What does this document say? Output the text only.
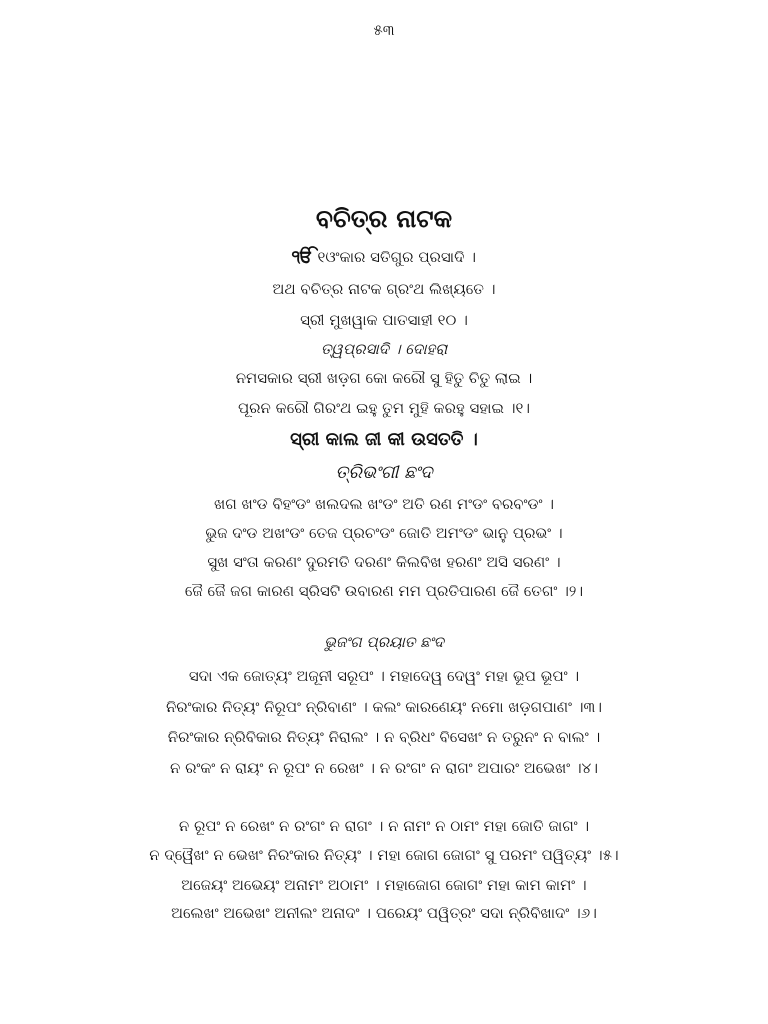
୫୩
ବଚିତ୍ର ନାଟକ
ੴ ୧ଓଂକାର ସତିଗୁର ପ୍ରସାଦି ।
ଅଥ ବଚିତ୍ର ନାଟକ ଗ୍ରଂଥ ଲିଖ୍ୟତେ ।
ସ୍ରୀ ମୁଖୱାକ ପାତସାହୀ ୧୦ ।
ତ୍ୱପ୍ରସାଦି । ଦୋହରା
ନମସକାର ସ୍ରୀ ଖଡ଼ଗ କୋ କରୌ ସୁ ହିତୁ ଚିତୁ ଲାଇ ।
ପୂରନ କରୌ ଗିରଂଥ ଇହୁ ତୁମ ମୁହି କରହୁ ସହାଇ ।୧।
ସ୍ରୀ କାଲ ଜୀ କୀ ଉସତତି ।
ତ୍ରିଭଂଗୀ ଛଂଦ
ଖଗ ଖଂଡ ବିହଂଡଂ ଖଲଦଲ ଖଂଡଂ ଅତି ରଣ ମଂଡଂ ବରବଂଡଂ ।
ଭୁଜ ଦଂଡ ଅଖଂଡଂ ତେଜ ପ୍ରଚଂଡଂ ଜୋତି ଅମଂଡଂ ଭାନୁ ପ୍ରଭଂ ।
ସୁଖ ସଂତା କରଣଂ ଦୁରମତି ଦରଣଂ କିଲବିଖ ହରଣଂ ଅସି ସରଣଂ ।
ଜୈ ଜୈ ଜଗ କାରଣ ସ୍ରିସଟି ଉବାରଣ ମମ ପ୍ରତିପାରଣ ଜୈ ତେଗଂ ।୨।
ଭୁଜଂଗ ପ୍ରୟାତ ଛଂଦ
ସଦା ଏକ ଜୋତ୍ୟଂ ଅଜୂନୀ ସରୂପଂ । ମହାଦେୱ ଦେୱଂ ମହା ଭୂପ ଭୂପଂ ।
ନିରଂକାର ନିତ୍ୟଂ ନିରୂପଂ ନ୍ରିବାଣଂ । କଲଂ କାରଣେୟଂ ନମୋ ଖଡ଼ଗପାଣଂ ।୩।
ନିରଂକାର ନ୍ରିବିକାର ନିତ୍ୟଂ ନିରାଲଂ । ନ ବ୍ରିଧଂ ବିସେଖଂ ନ ତରୁନଂ ନ ବାଲଂ ।
ନ ରଂକଂ ନ ରାୟଂ ନ ରୂପଂ ନ ରେଖଂ । ନ ରଂଗଂ ନ ରାଗଂ ଅପାରଂ ଅଭେଖଂ ।୪।
ନ ରୂପଂ ନ ରେଖଂ ନ ରଂଗଂ ନ ରାଗଂ । ନ ନାମଂ ନ ଠାମଂ ମହା ଜୋତି ଜାଗଂ ।
ନ ଦ୍ୱୈଖଂ ନ ଭେଖଂ ନିରଂକାର ନିତ୍ୟଂ । ମହା ଜୋଗ ଜୋଗଂ ସୁ ପରମଂ ପୱିତ୍ୟଂ ।୫।
ଅଜେୟଂ ଅଭେୟଂ ଅନାମଂ ଅଠାମଂ । ମହାଜୋଗ ଜୋଗଂ ମହା କାମ କାମଂ ।
ଅଲେଖଂ ଅଭେଖଂ ଅନୀଲଂ ଅନାଦଂ । ପରେୟଂ ପୱିତ୍ରଂ ସଦା ନ୍ରିବିଖାଦଂ ।୬।
